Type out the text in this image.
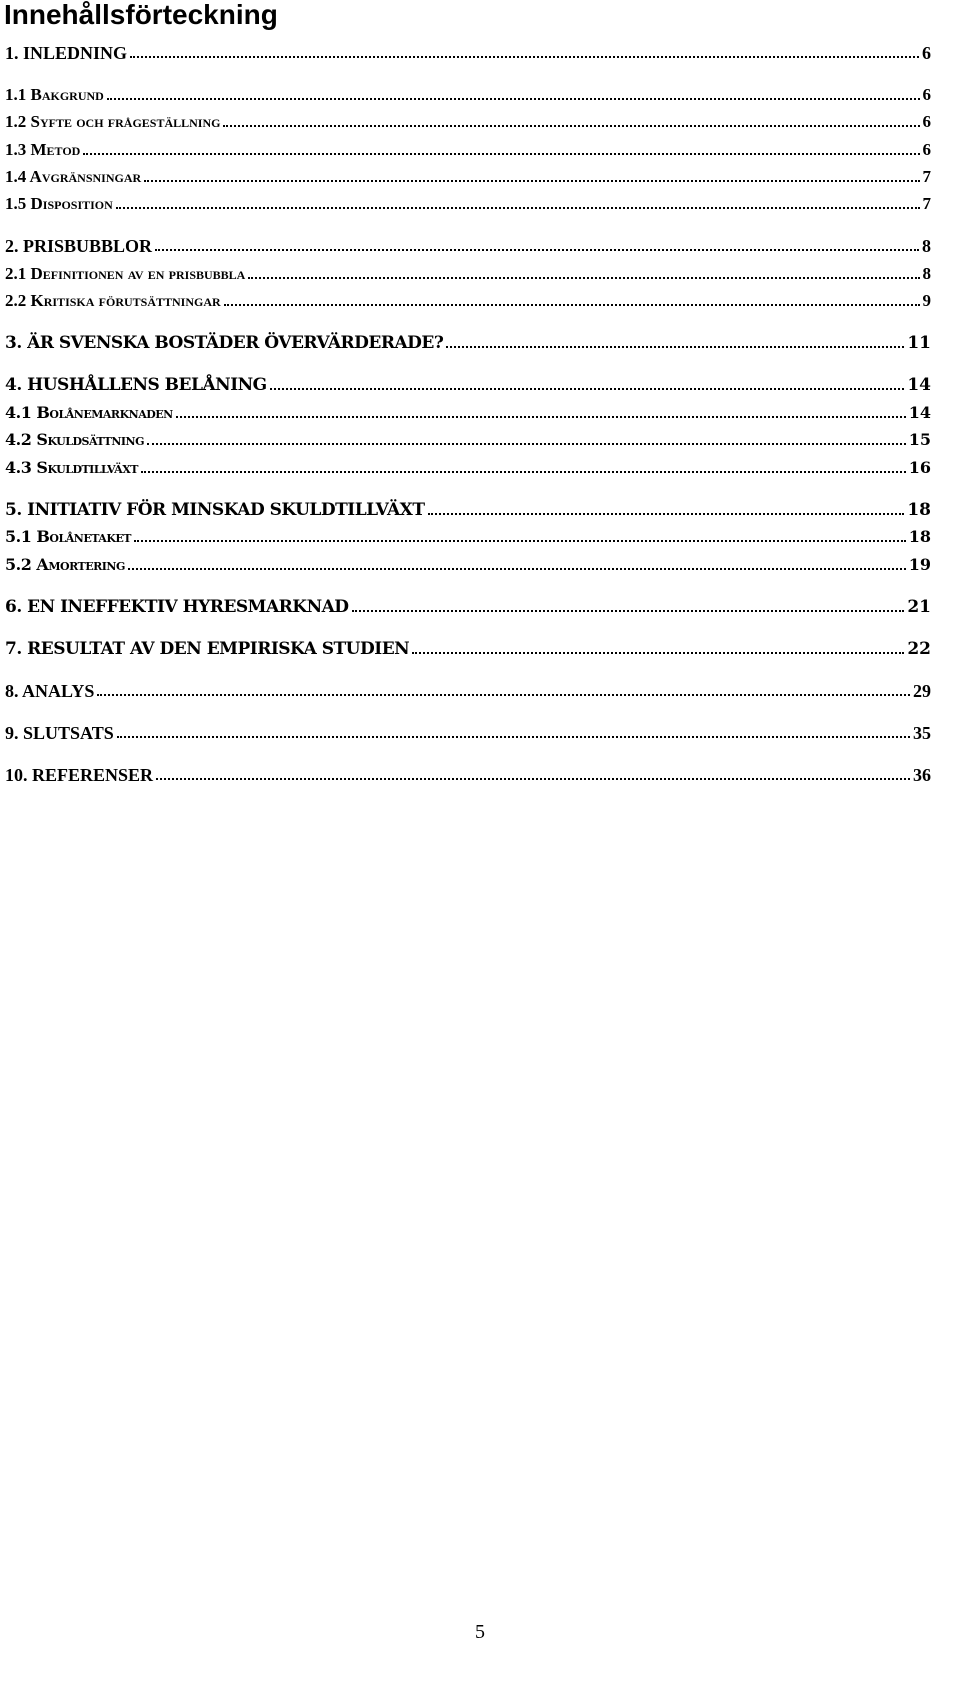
Innehållsförteckning
1. INLEDNING	6
1.1 Bakgrund	6
1.2 Syfte och frågeställning	6
1.3 Metod	6
1.4 Avgränsningar	7
1.5 Disposition	7
2. PRISBUBBLOR	8
2.1 Definitionen av en prisbubbla	8
2.2 Kritiska förutsättningar	9
3. ÄR SVENSKA BOSTÄDER ÖVERVÄRDERADE?	11
4. HUSHÅLLENS BELÅNING	14
4.1 Bolånemarknaden	14
4.2 Skuldsättning	15
4.3 Skuldtillväxt	16
5. INITIATIV FÖR MINSKAD SKULDTILLVÄXT	18
5.1 Bolånetaket	18
5.2 Amortering	19
6. EN INEFFEKTIV HYRESMARKNAD	21
7. RESULTAT AV DEN EMPIRISKA STUDIEN	22
8. ANALYS	29
9. SLUTSATS	35
10. REFERENSER	36

5
